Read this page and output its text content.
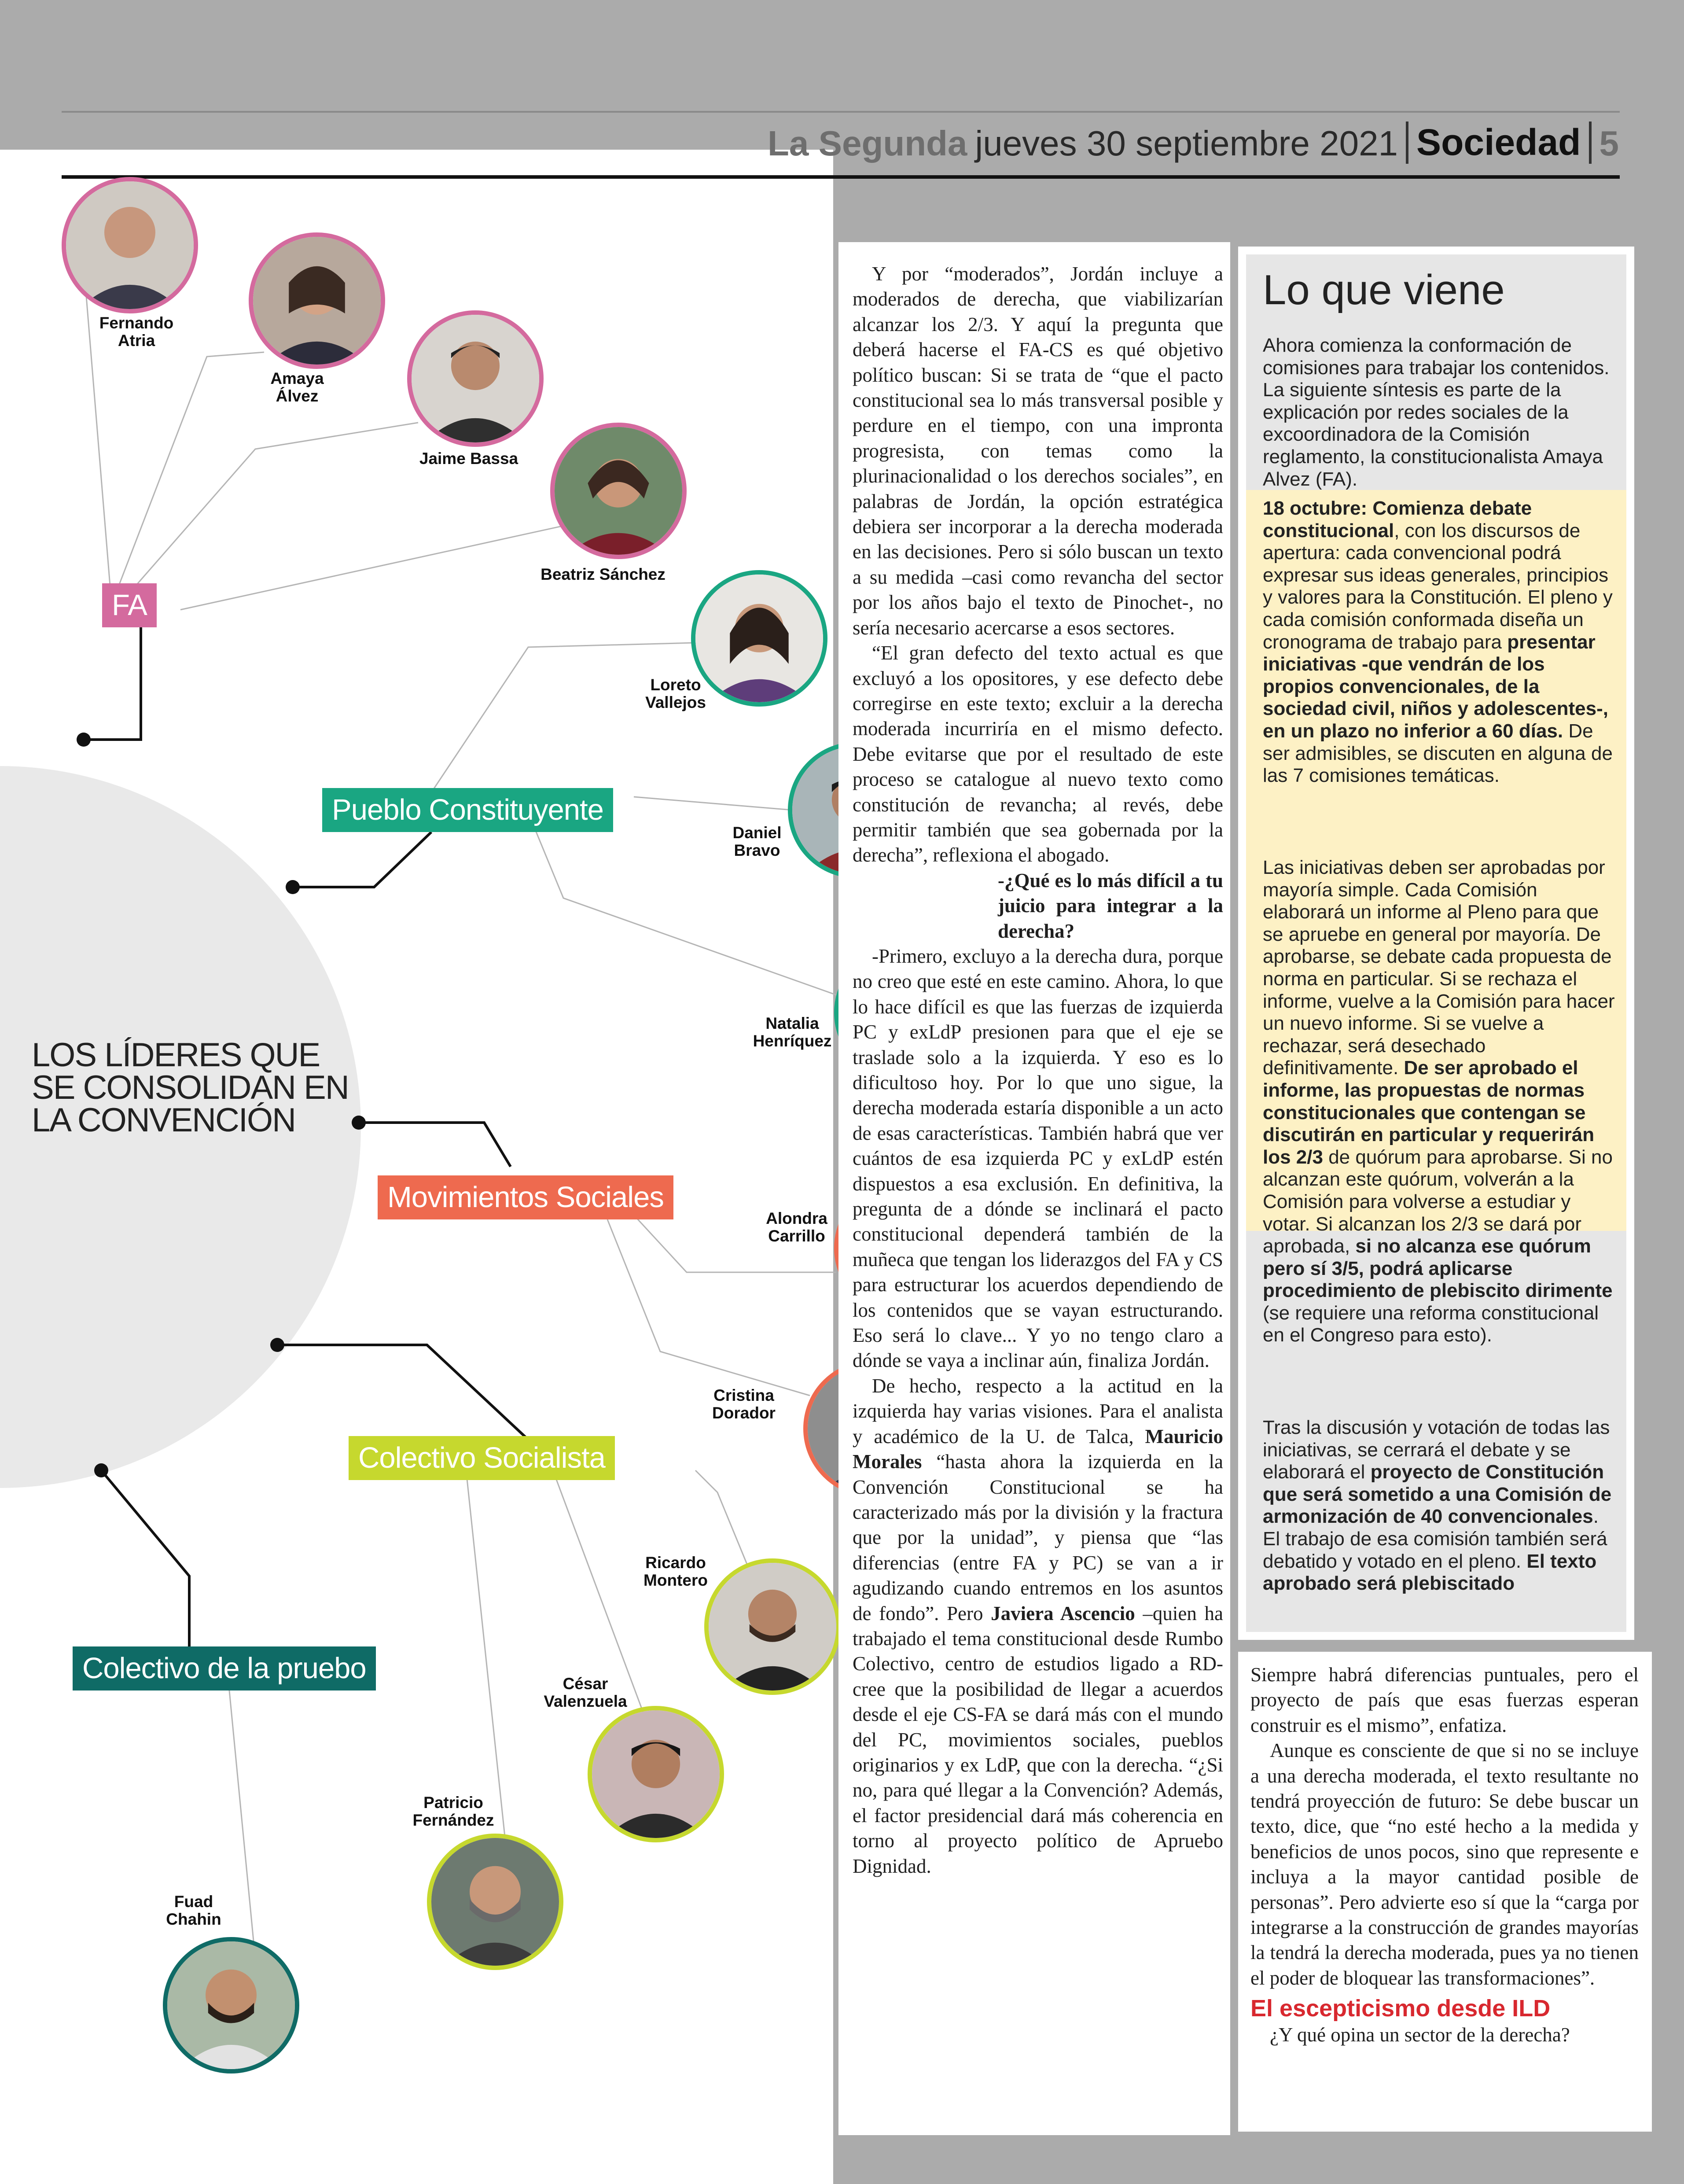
La Segunda jueves 30 septiembre 2021 Sociedad 5
LOS LÍDERES QUE
SE CONSOLIDAN EN
LA CONVENCIÓN
FA
Pueblo Constituyente
Movimientos Sociales
Colectivo Socialista
Colectivo de la pruebo
Fernando
Atria
Amaya
Álvez
Jaime Bassa
Beatriz Sánchez
Loreto
Vallejos
Daniel
Bravo
Natalia
Henríquez
Alondra
Carrillo
Cristina
Dorador
Ricardo
Montero
César
Valenzuela
Patricio
Fernández
Fuad
Chahin

Y por “moderados”, Jordán incluye a moderados de derecha, que viabilizarían alcanzar los 2/3. Y aquí la pregunta que deberá hacerse el FA-CS es qué objetivo político buscan: Si se trata de “que el pacto constitucional sea lo más transversal posible y perdure en el tiempo, con una impronta progresista, con temas como la plurinacionalidad o los derechos sociales”, en palabras de Jordán, la opción estratégica debiera ser incorporar a la derecha moderada en las decisiones. Pero si sólo buscan un texto a su medida –casi como revancha del sector por los años bajo el texto de Pinochet-, no sería necesario acercarse a esos sectores.

“El gran defecto del texto actual es que excluyó a los opositores, y ese defecto debe corregirse en este texto; excluir a la derecha moderada incurriría en el mismo defecto. Debe evitarse que por el resultado de este proceso se catalogue al nuevo texto como constitución de revancha; al revés, debe permitir también que sea gobernada por la derecha”, reflexiona el abogado.

-¿Qué es lo más difícil a tu juicio para integrar a la derecha?

-Primero, excluyo a la derecha dura, porque no creo que esté en este camino. Ahora, lo que lo hace difícil es que las fuerzas de izquierda PC y exLdP presionen para que el eje se traslade solo a la izquierda. Y eso es lo dificultoso hoy. Por lo que uno sigue, la derecha moderada estaría disponible a un acto de esas características. También habrá que ver cuántos de esa izquierda PC y exLdP estén dispuestos a esa exclusión. En definitiva, la pregunta de a dónde se inclinará el pacto constitucional dependerá también de la muñeca que tengan los liderazgos del FA y CS para estructurar los acuerdos dependiendo de los contenidos que se vayan estructurando. Eso será lo clave... Y yo no tengo claro a dónde se vaya a inclinar aún, finaliza Jordán.

De hecho, respecto a la actitud en la izquierda hay varias visiones. Para el analista y académico de la U. de Talca, Mauricio Morales “hasta ahora la izquierda en la Convención Constitucional se ha caracterizado más por la división y la fractura que por la unidad”, y piensa que “las diferencias (entre FA y PC) se van a ir agudizando cuando entremos en los asuntos de fondo”. Pero Javiera Ascencio –quien ha trabajado el tema constitucional desde Rumbo Colectivo, centro de estudios ligado a RD- cree que la posibilidad de llegar a acuerdos desde el eje CS-FA se dará más con el mundo del PC, movimientos sociales, pueblos originarios y ex LdP, que con la derecha. “¿Si no, para qué llegar a la Convención? Además, el factor presidencial dará más coherencia en torno al proyecto político de Apruebo Dignidad.

Lo que viene
Ahora comienza la conformación de comisiones para trabajar los contenidos. La siguiente síntesis es parte de la explicación por redes sociales de la excoordinadora de la Comisión reglamento, la constitucionalista Amaya Alvez (FA).
18 octubre: Comienza debate constitucional, con los discursos de apertura: cada convencional podrá expresar sus ideas generales, principios y valores para la Constitución. El pleno y cada comisión conformada diseña un cronograma de trabajo para presentar iniciativas -que vendrán de los propios convencionales, de la sociedad civil, niños y adolescentes-, en un plazo no inferior a 60 días. De ser admisibles, se discuten en alguna de las 7 comisiones temáticas.
Las iniciativas deben ser aprobadas por mayoría simple. Cada Comisión elaborará un informe al Pleno para que se apruebe en general por mayoría. De aprobarse, se debate cada propuesta de norma en particular. Si se rechaza el informe, vuelve a la Comisión para hacer un nuevo informe. Si se vuelve a rechazar, será desechado definitivamente. De ser aprobado el informe, las propuestas de normas constitucionales que contengan se discutirán en particular y requerirán los 2/3 de quórum para aprobarse. Si no alcanzan este quórum, volverán a la Comisión para volverse a estudiar y votar. Si alcanzan los 2/3 se dará por aprobada, si no alcanza ese quórum pero sí 3/5, podrá aplicarse procedimiento de plebiscito dirimente (se requiere una reforma constitucional en el Congreso para esto).
Tras la discusión y votación de todas las iniciativas, se cerrará el debate y se elaborará el proyecto de Constitución que será sometido a una Comisión de armonización de 40 convencionales. El trabajo de esa comisión también será debatido y votado en el pleno. El texto aprobado será plebiscitado

Siempre habrá diferencias puntuales, pero el proyecto de país que esas fuerzas esperan construir es el mismo”, enfatiza.

Aunque es consciente de que si no se incluye a una derecha moderada, el texto resultante no tendrá proyección de futuro: Se debe buscar un texto, dice, que “no esté hecho a la medida y beneficios de unos pocos, sino que represente e incluya a la mayor cantidad posible de personas”. Pero advierte eso sí que la “carga por integrarse a la construcción de grandes mayorías la tendrá la derecha moderada, pues ya no tienen el poder de bloquear las transformaciones”.

El escepticismo desde ILD

¿Y qué opina un sector de la derecha?
